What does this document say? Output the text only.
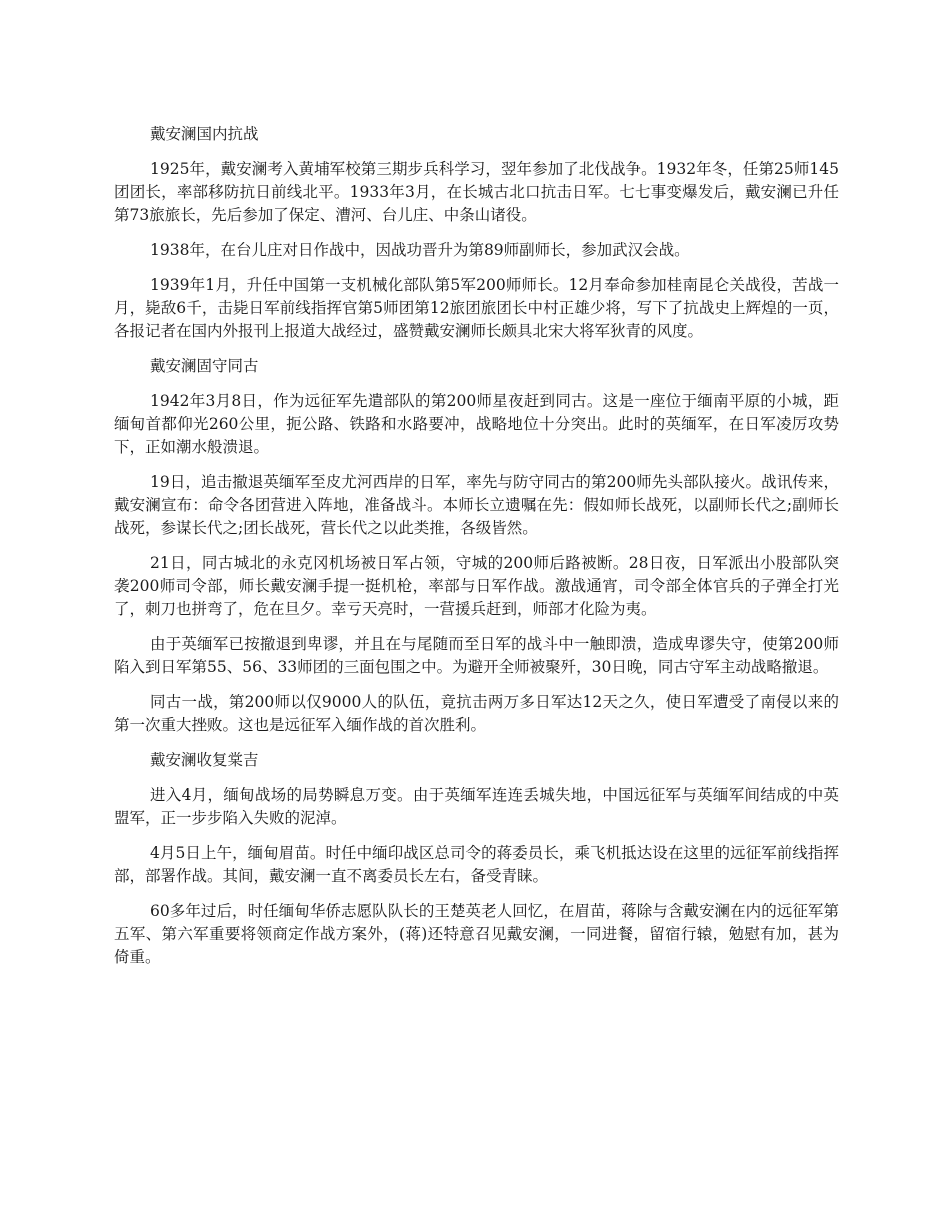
戴安澜国内抗战

1925年，戴安澜考入黄埔军校第三期步兵科学习，翌年参加了北伐战争。1932年冬，任第25师145团团长，率部移防抗日前线北平。1933年3月，在长城古北口抗击日军。七七事变爆发后，戴安澜已升任第73旅旅长，先后参加了保定、漕河、台儿庄、中条山诸役。

1938年，在台儿庄对日作战中，因战功晋升为第89师副师长，参加武汉会战。

1939年1月，升任中国第一支机械化部队第5军200师师长。12月奉命参加桂南昆仑关战役，苦战一月，毙敌6千，击毙日军前线指挥官第5师团第12旅团旅团长中村正雄少将，写下了抗战史上辉煌的一页，各报记者在国内外报刊上报道大战经过，盛赞戴安澜师长颇具北宋大将军狄青的风度。

戴安澜固守同古

1942年3月8日，作为远征军先遣部队的第200师星夜赶到同古。这是一座位于缅南平原的小城，距缅甸首都仰光260公里，扼公路、铁路和水路要冲，战略地位十分突出。此时的英缅军，在日军凌厉攻势下，正如潮水般溃退。

19日，追击撤退英缅军至皮尤河西岸的日军，率先与防守同古的第200师先头部队接火。战讯传来，戴安澜宣布：命令各团营进入阵地，准备战斗。本师长立遗嘱在先：假如师长战死，以副师长代之;副师长战死，参谋长代之;团长战死，营长代之以此类推，各级皆然。

21日，同古城北的永克冈机场被日军占领，守城的200师后路被断。28日夜，日军派出小股部队突袭200师司令部，师长戴安澜手提一挺机枪，率部与日军作战。激战通宵，司令部全体官兵的子弹全打光了，刺刀也拼弯了，危在旦夕。幸亏天亮时，一营援兵赶到，师部才化险为夷。

由于英缅军已按撤退到卑谬，并且在与尾随而至日军的战斗中一触即溃，造成卑谬失守，使第200师陷入到日军第55、56、33师团的三面包围之中。为避开全师被聚歼，30日晚，同古守军主动战略撤退。

同古一战，第200师以仅9000人的队伍，竟抗击两万多日军达12天之久，使日军遭受了南侵以来的第一次重大挫败。这也是远征军入缅作战的首次胜利。

戴安澜收复棠吉

进入4月，缅甸战场的局势瞬息万变。由于英缅军连连丢城失地，中国远征军与英缅军间结成的中英盟军，正一步步陷入失败的泥淖。

4月5日上午，缅甸眉苗。时任中缅印战区总司令的蒋委员长，乘飞机抵达设在这里的远征军前线指挥部，部署作战。其间，戴安澜一直不离委员长左右，备受青睐。

60多年过后，时任缅甸华侨志愿队队长的王楚英老人回忆，在眉苗，蒋除与含戴安澜在内的远征军第五军、第六军重要将领商定作战方案外，(蒋)还特意召见戴安澜，一同进餐，留宿行辕，勉慰有加，甚为倚重。
